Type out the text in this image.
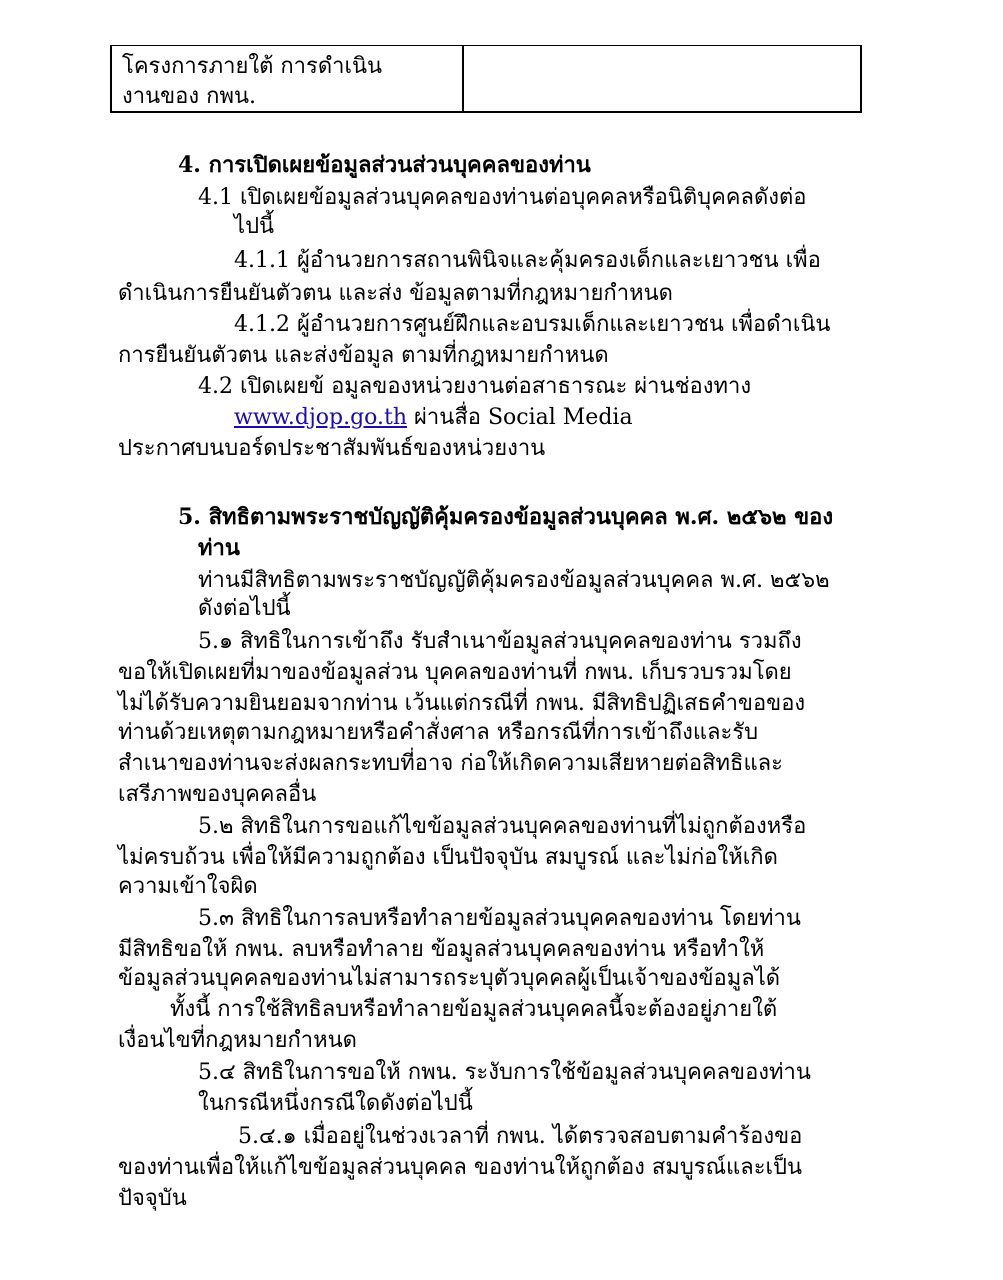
โครงการภายใต้ การดำเนิน
งานของ กพน.
4. การเปิดเผยข้อมูลส่วนส่วนบุคคลของท่าน
4.1 เปิดเผยข้อมูลส่วนบุคคลของท่านต่อบุคคลหรือนิติบุคคลดังต่อ
ไปนี้
4.1.1 ผู้อำนวยการสถานพินิจและคุ้มครองเด็กและเยาวชน เพื่อ
ดำเนินการยืนยันตัวตน และส่ง ข้อมูลตามที่กฎหมายกำหนด
4.1.2 ผู้อำนวยการศูนย์ฝึกและอบรมเด็กและเยาวชน เพื่อดำเนิน
การยืนยันตัวตน และส่งข้อมูล ตามที่กฎหมายกำหนด
4.2 เปิดเผยข้ อมูลของหน่วยงานต่อสาธารณะ ผ่านช่องทาง
www.djop.go.th ผ่านสื่อ Social Media
ประกาศบนบอร์ดประชาสัมพันธ์ของหน่วยงาน
5. สิทธิตามพระราชบัญญัติคุ้มครองข้อมูลส่วนบุคคล พ.ศ. ๒๕๖๒ ของ
ท่าน
ท่านมีสิทธิตามพระราชบัญญัติคุ้มครองข้อมูลส่วนบุคคล พ.ศ. ๒๕๖๒
ดังต่อไปนี้
5.๑ สิทธิในการเข้าถึง รับสำเนาข้อมูลส่วนบุคคลของท่าน รวมถึง
ขอให้เปิดเผยที่มาของข้อมูลส่วน บุคคลของท่านที่ กพน. เก็บรวบรวมโดย
ไม่ได้รับความยินยอมจากท่าน เว้นแต่กรณีที่ กพน. มีสิทธิปฏิเสธคำขอของ
ท่านด้วยเหตุตามกฎหมายหรือคำสั่งศาล หรือกรณีที่การเข้าถึงและรับ
สำเนาของท่านจะส่งผลกระทบที่อาจ ก่อให้เกิดความเสียหายต่อสิทธิและ
เสรีภาพของบุคคลอื่น
5.๒ สิทธิในการขอแก้ไขข้อมูลส่วนบุคคลของท่านที่ไม่ถูกต้องหรือ
ไม่ครบถ้วน เพื่อให้มีความถูกต้อง เป็นปัจจุบัน สมบูรณ์ และไม่ก่อให้เกิด
ความเข้าใจผิด
5.๓ สิทธิในการลบหรือทำลายข้อมูลส่วนบุคคลของท่าน โดยท่าน
มีสิทธิขอให้ กพน. ลบหรือทำลาย ข้อมูลส่วนบุคคลของท่าน หรือทำให้
ข้อมูลส่วนบุคคลของท่านไม่สามารถระบุตัวบุคคลผู้เป็นเจ้าของข้อมูลได้
ทั้งนี้ การใช้สิทธิลบหรือทำลายข้อมูลส่วนบุคคลนี้จะต้องอยู่ภายใต้
เงื่อนไขที่กฎหมายกำหนด
5.๔ สิทธิในการขอให้ กพน. ระงับการใช้ข้อมูลส่วนบุคคลของท่าน
ในกรณีหนึ่งกรณีใดดังต่อไปนี้
5.๔.๑ เมื่ออยู่ในช่วงเวลาที่ กพน. ได้ตรวจสอบตามคำร้องขอ
ของท่านเพื่อให้แก้ไขข้อมูลส่วนบุคคล ของท่านให้ถูกต้อง สมบูรณ์และเป็น
ปัจจุบัน
